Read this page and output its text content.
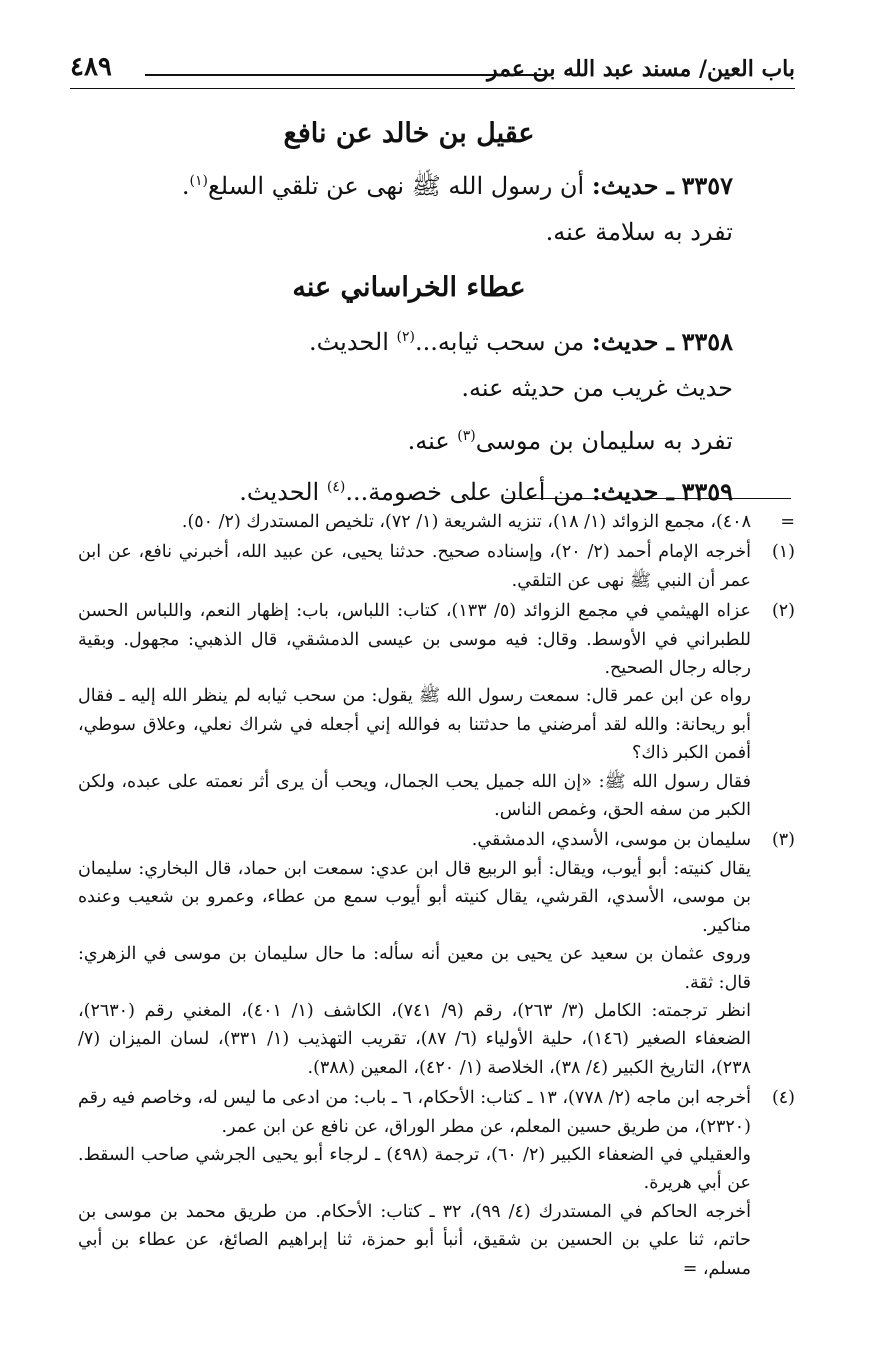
باب العين/ مسند عبد الله بن عمر
٤٨٩
عقيل بن خالد عن نافع
٣٣٥٧ ـ حديث: أن رسول الله ﷺ نهى عن تلقي السلع$^{(١)}$.
تفرد به سلامة عنه.
عطاء الخراساني عنه
٣٣٥٨ ـ حديث: من سحب ثيابه...$^{(٢)}$ الحديث.
حديث غريب من حديثه عنه.
تفرد به سليمان بن موسى$^{(٣)}$ عنه.
٣٣٥٩ ـ حديث: من أعان على خصومة...$^{(٤)}$ الحديث.
=
٤٠٨)، مجمع الزوائد (١/ ١٨)، تنزيه الشريعة (١/ ٧٢)، تلخيص المستدرك (٢/ ٥٠).
(١)
أخرجه الإمام أحمد (٢/ ٢٠)، وإسناده صحيح. حدثنا يحيى، عن عبيد الله، أخبرني نافع، عن ابن عمر أن النبي ﷺ نهى عن التلقي.
(٢)
عزاه الهيثمي في مجمع الزوائد (٥/ ١٣٣)، كتاب: اللباس، باب: إظهار النعم، واللباس الحسن للطبراني في الأوسط. وقال: فيه موسى بن عيسى الدمشقي، قال الذهبي: مجهول. وبقية رجاله رجال الصحيح.
رواه عن ابن عمر قال: سمعت رسول الله ﷺ يقول: من سحب ثيابه لم ينظر الله إليه ـ فقال أبو ريحانة: والله لقد أمرضني ما حدثتنا به فوالله إني أجعله في شراك نعلي، وعلاق سوطي، أفمن الكبر ذاك؟
فقال رسول الله ﷺ: «إن الله جميل يحب الجمال، ويحب أن يرى أثر نعمته على عبده، ولكن الكبر من سفه الحق، وغمص الناس.
(٣)
سليمان بن موسى، الأسدي، الدمشقي.
يقال كنيته: أبو أيوب، ويقال: أبو الربيع قال ابن عدي: سمعت ابن حماد، قال البخاري: سليمان بن موسى، الأسدي، القرشي، يقال كنيته أبو أيوب سمع من عطاء، وعمرو بن شعيب وعنده مناكير.
وروى عثمان بن سعيد عن يحيى بن معين أنه سأله: ما حال سليمان بن موسى في الزهري: قال: ثقة.
انظر ترجمته: الكامل (٣/ ٢٦٣)، رقم (٩/ ٧٤١)، الكاشف (١/ ٤٠١)، المغني رقم (٢٦٣٠)، الضعفاء الصغير (١٤٦)، حلية الأولياء (٦/ ٨٧)، تقريب التهذيب (١/ ٣٣١)، لسان الميزان (٧/ ٢٣٨)، التاريخ الكبير (٤/ ٣٨)، الخلاصة (١/ ٤٢٠)، المعين (٣٨٨).
(٤)
أخرجه ابن ماجه (٢/ ٧٧٨)، ١٣ ـ كتاب: الأحكام، ٦ ـ باب: من ادعى ما ليس له، وخاصم فيه رقم (٢٣٢٠)، من طريق حسين المعلم، عن مطر الوراق، عن نافع عن ابن عمر.
والعقيلي في الضعفاء الكبير (٢/ ٦٠)، ترجمة (٤٩٨) ـ لرجاء أبو يحيى الجرشي صاحب السقط. عن أبي هريرة.
أخرجه الحاكم في المستدرك (٤/ ٩٩)، ٣٢ ـ كتاب: الأحكام. من طريق محمد بن موسى بن حاتم، ثنا علي بن الحسين بن شقيق، أنبأ أبو حمزة، ثنا إبراهيم الصائغ، عن عطاء بن أبي مسلم، =
